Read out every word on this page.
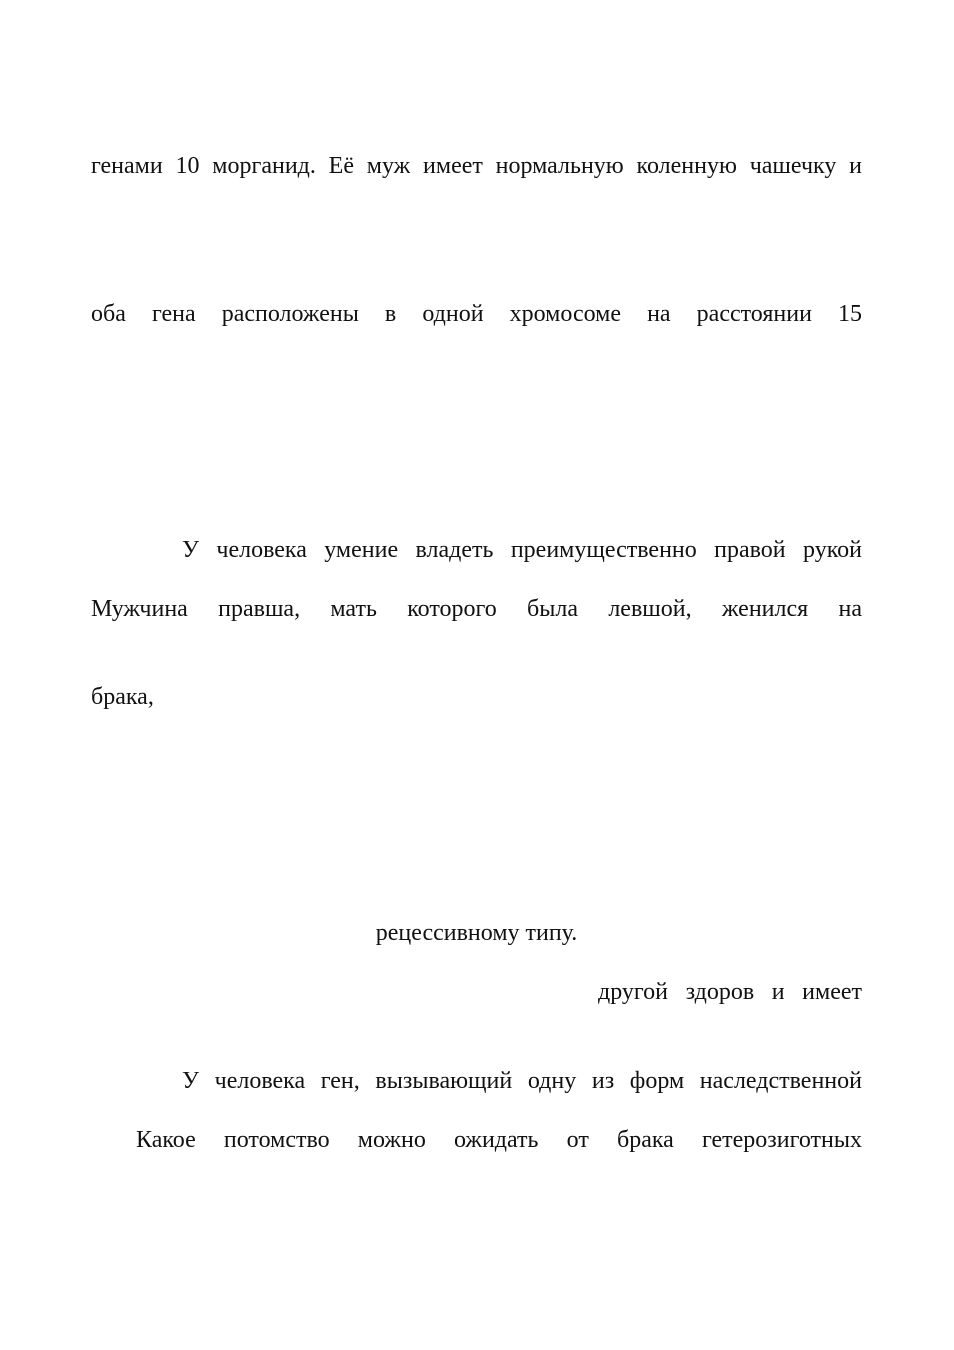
генами 10 морганид. Её муж имеет нормальную коленную чашечку и
оба гена расположены в одной хромосоме на расстоянии 15
У человека умение владеть преимущественно правой рукой
Мужчина правша, мать которого была левшой, женился на
брака,
рецессивному типу.
другой здоров и имеет
У человека ген, вызывающий одну из форм наследственной
Какое потомство можно ожидать от брака гетерозиготных
